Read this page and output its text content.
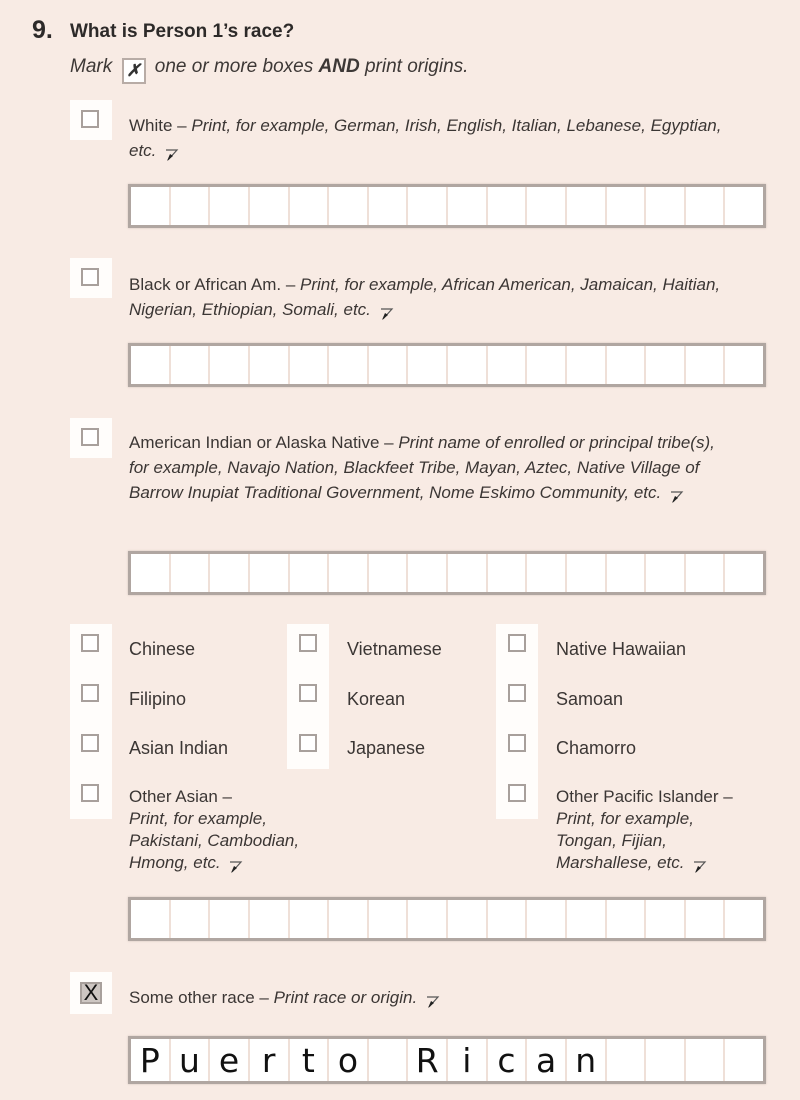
9. What is Person 1’s race?
Mark ✗ one or more boxes AND print origins.
White – Print, for example, German, Irish, English, Italian, Lebanese, Egyptian, etc.
Black or African Am. – Print, for example, African American, Jamaican, Haitian, Nigerian, Ethiopian, Somali, etc.
American Indian or Alaska Native – Print name of enrolled or principal tribe(s), for example, Navajo Nation, Blackfeet Tribe, Mayan, Aztec, Native Village of Barrow Inupiat Traditional Government, Nome Eskimo Community, etc.
Chinese
Filipino
Asian Indian
Vietnamese
Korean
Japanese
Native Hawaiian
Samoan
Chamorro
Other Asian –
Print, for example,
Pakistani, Cambodian,
Hmong, etc.
Other Pacific Islander –
Print, for example,
Tongan, Fijian,
Marshallese, etc.
X Some other race – Print race or origin.
P u e r t o	R i c a n
